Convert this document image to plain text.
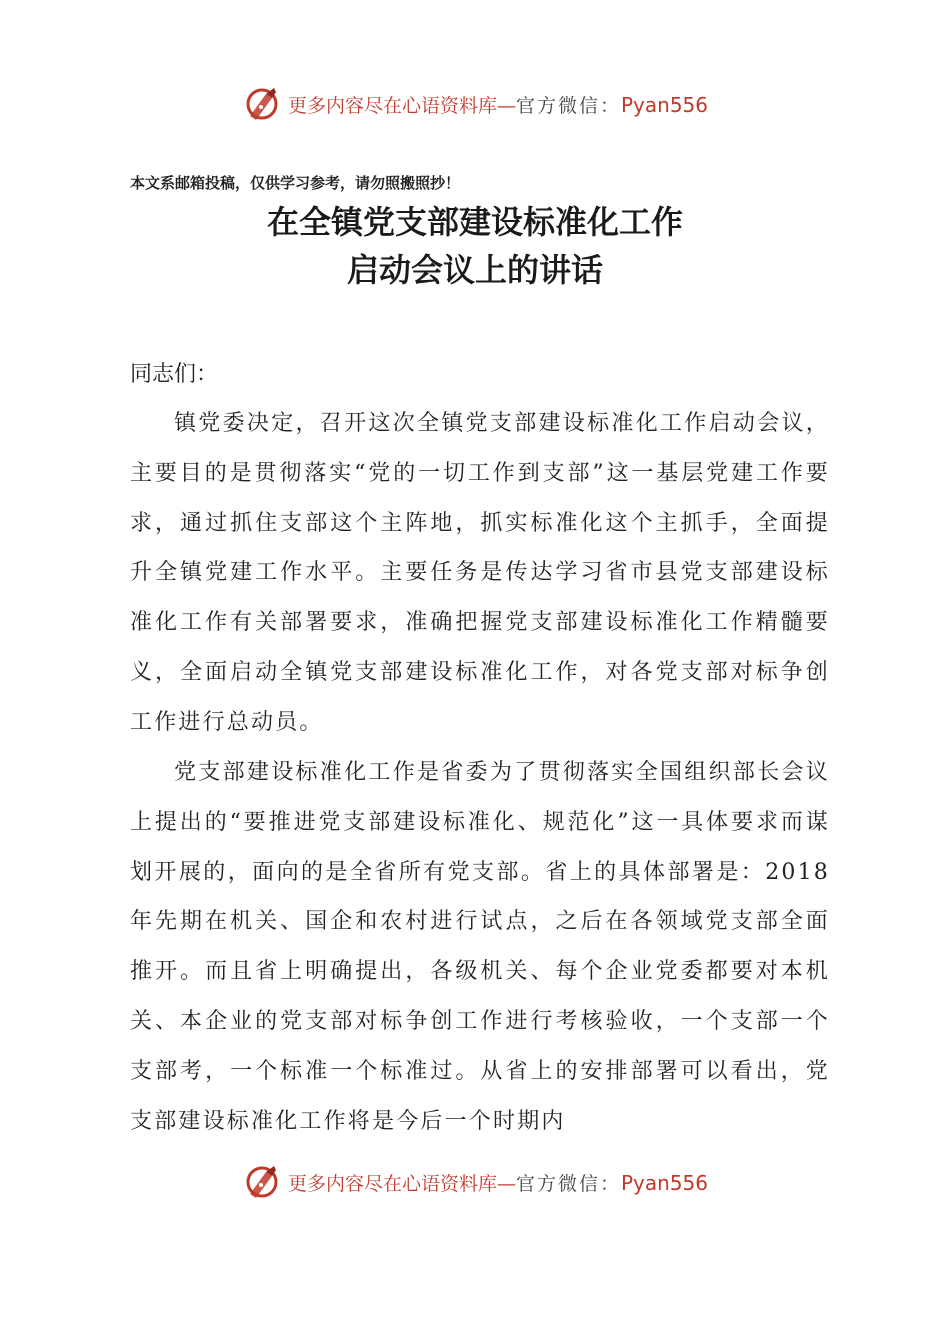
更多内容尽在心语资料库—官方微信：Pyan556
本文系邮箱投稿，仅供学习参考，请勿照搬照抄！
在全镇党支部建设标准化工作
启动会议上的讲话
同志们：
镇党委决定，召开这次全镇党支部建设标准化工作启动会议，主要目的是贯彻落实“党的一切工作到支部”这一基层党建工作要求，通过抓住支部这个主阵地，抓实标准化这个主抓手，全面提升全镇党建工作水平。主要任务是传达学习省市县党支部建设标准化工作有关部署要求，准确把握党支部建设标准化工作精髓要义，全面启动全镇党支部建设标准化工作，对各党支部对标争创工作进行总动员。
党支部建设标准化工作是省委为了贯彻落实全国组织部长会议上提出的“要推进党支部建设标准化、规范化”这一具体要求而谋划开展的，面向的是全省所有党支部。省上的具体部署是：2018年先期在机关、国企和农村进行试点，之后在各领域党支部全面推开。而且省上明确提出，各级机关、每个企业党委都要对本机关、本企业的党支部对标争创工作进行考核验收，一个支部一个支部考，一个标准一个标准过。从省上的安排部署可以看出，党支部建设标准化工作将是今后一个时期内
更多内容尽在心语资料库—官方微信：Pyan556
